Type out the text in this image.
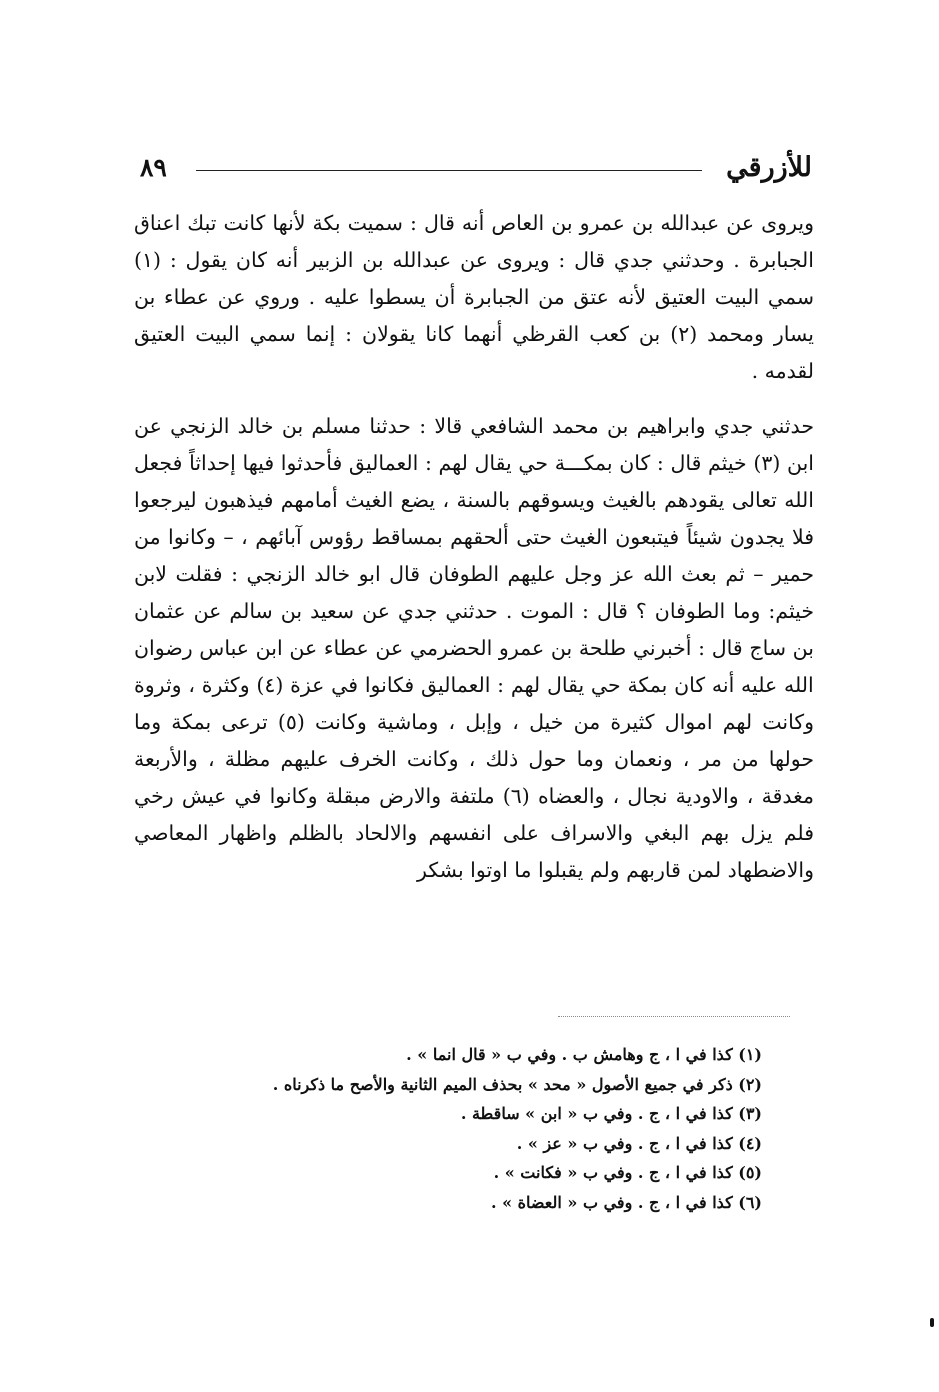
للأزرقي
٨٩

ويروى عن عبدالله بن عمرو بن العاص أنه قال : سميت بكة لأنها كانت تبك اعناق الجبابرة . وحدثني جدي قال : ويروى عن عبدالله بن الزبير أنه كان يقول : (١) سمي البيت العتيق لأنه عتق من الجبابرة أن يسطوا عليه . وروي عن عطاء بن يسار ومحمد (٢) بن كعب القرظي أنهما كانا يقولان : إنما سمي البيت العتيق لقدمه .

حدثني جدي وابراهيم بن محمد الشافعي قالا : حدثنا مسلم بن خالد الزنجي عن ابن (٣) خيثم قال : كان بمكـــة حي يقال لهم : العماليق فأحدثوا فيها إحداثاً فجعل الله تعالى يقودهم بالغيث ويسوقهم بالسنة ، يضع الغيث أمامهم فيذهبون ليرجعوا فلا يجدون شيئاً فيتبعون الغيث حتى ألحقهم بمساقط رؤوس آبائهم ، – وكانوا من حمير – ثم بعث الله عز وجل عليهم الطوفان قال ابو خالد الزنجي : فقلت لابن خيثم: وما الطوفان ؟ قال : الموت . حدثني جدي عن سعيد بن سالم عن عثمان بن ساج قال : أخبرني طلحة بن عمرو الحضرمي عن عطاء عن ابن عباس رضوان الله عليه أنه كان بمكة حي يقال لهم : العماليق فكانوا في عزة (٤) وكثرة ، وثروة وكانت لهم اموال كثيرة من خيل ، وإبل ، وماشية وكانت (٥) ترعى بمكة وما حولها من مر ، ونعمان وما حول ذلك ، وكانت الخرف عليهم مظلة ، والأربعة مغدقة ، والاودية نجال ، والعضاه (٦) ملتفة والارض مبقلة وكانوا في عيش رخي فلم يزل بهم البغي والاسراف على انفسهم والالحاد بالظلم واظهار المعاصي والاضطهاد لمن قاربهم ولم يقبلوا ما اوتوا بشكر

(١) كذا في ا ، ج وهامش ب . وفي ب « قال انما » .
(٢) ذكر في جميع الأصول « محد » بحذف الميم الثانية والأصح ما ذكرناه .
(٣) كذا في ا ، ج . وفي ب « ابن » ساقطة .
(٤) كذا في ا ، ج . وفي ب « عز » .
(٥) كذا في ا ، ج . وفي ب « فكانت » .
(٦) كذا في ا ، ج . وفي ب « العضاة » .
